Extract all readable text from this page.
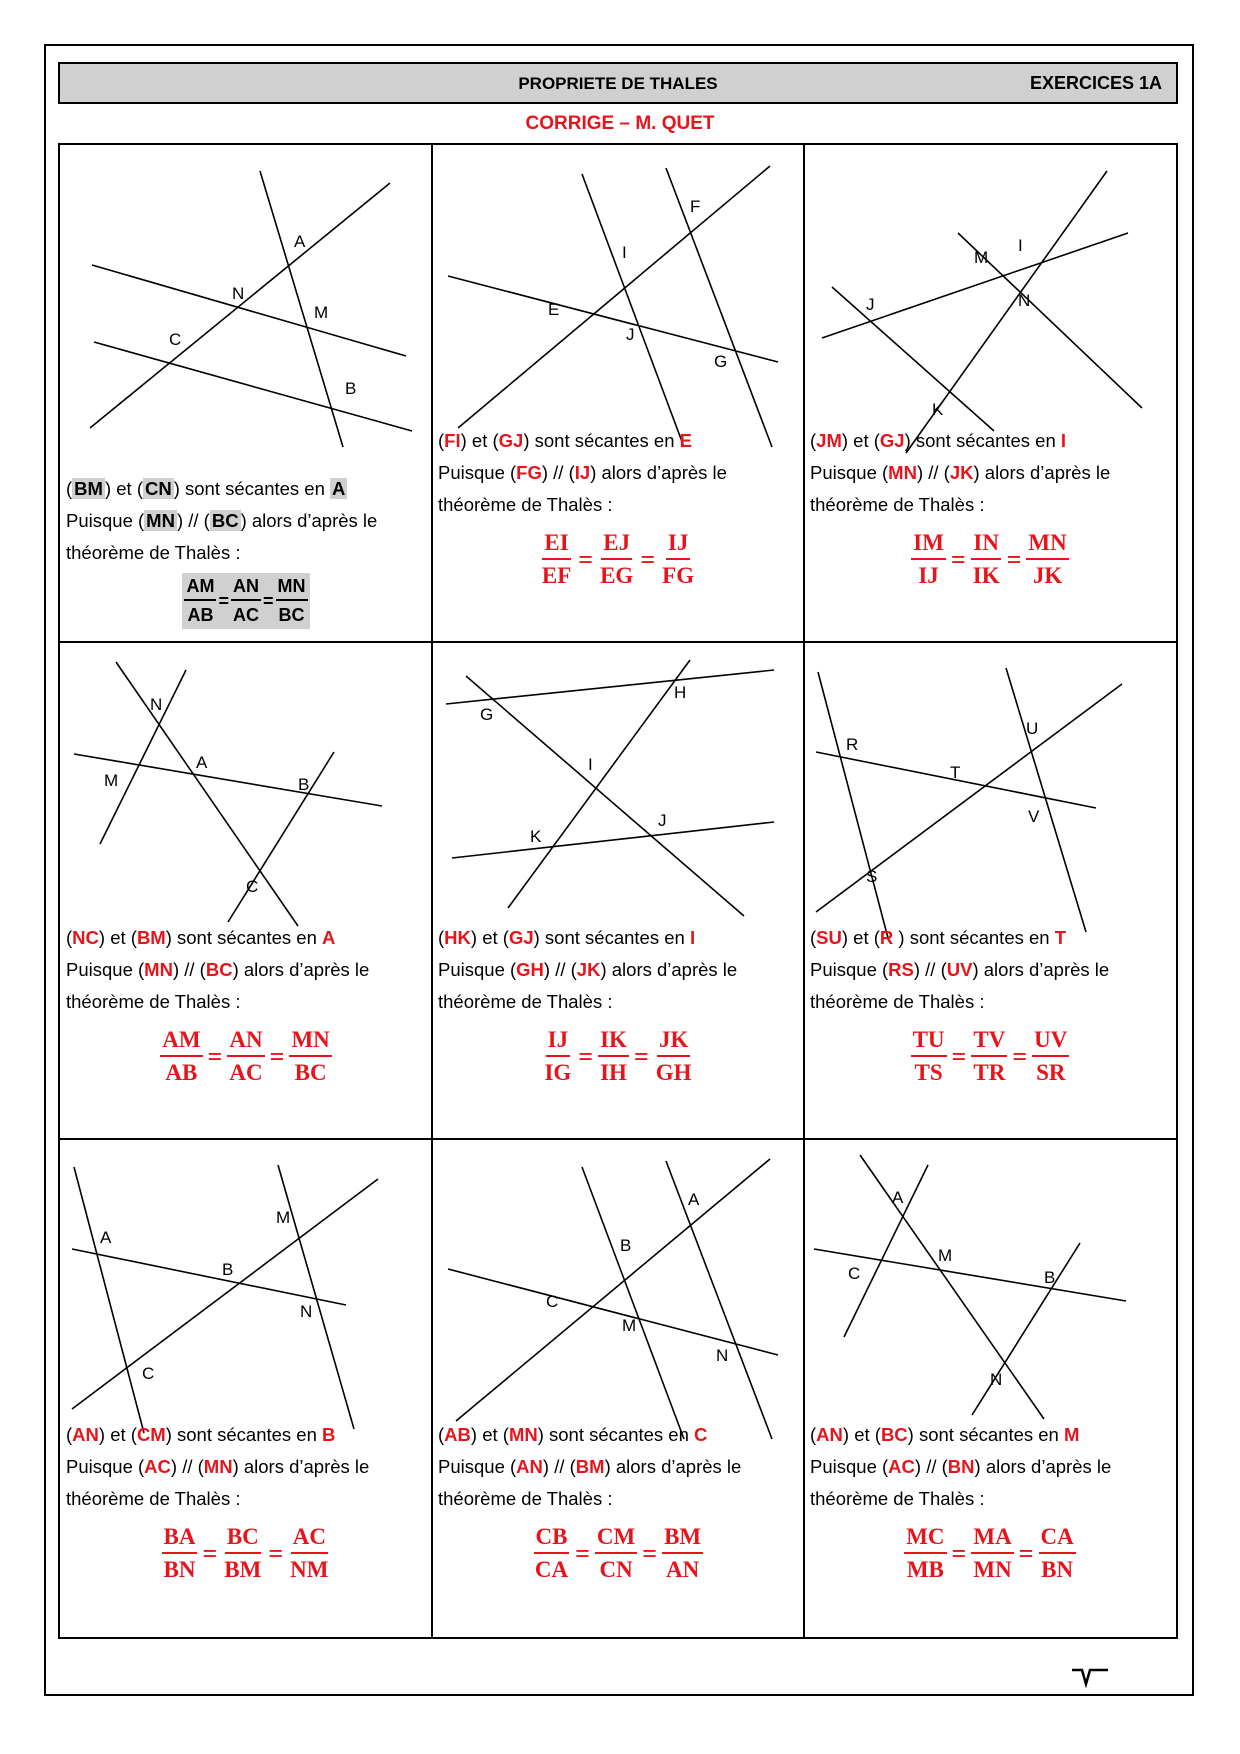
PROPRIETE DE THALES	EXERCICES 1A
CORRIGE – M. QUET
A
N
M
C
B
( BM ) et ( CN ) sont sécantes en A
Puisque ( MN ) // ( BC ) alors d’après le
théorème de Thalès :
$\frac{AM}{AB} = \frac{AN}{AC} = \frac{MN}{BC}$
F
I
E
J
G
(FI) et (GJ) sont sécantes en E
Puisque (FG) // (IJ) alors d’après le
théorème de Thalès :
$\frac{EI}{EF} = \frac{EJ}{EG} = \frac{IJ}{FG}$
I
M
J	N
K
(JM) et (GJ) sont sécantes en I
Puisque (MN) // (JK) alors d’après le
théorème de Thalès :
$\frac{IM}{IJ} = \frac{IN}{IK} = \frac{MN}{JK}$
N
A
M	B
C
(NC) et (BM) sont sécantes en A
Puisque (MN) // (BC) alors d’après le
théorème de Thalès :
$\frac{AM}{AB} = \frac{AN}{AC} = \frac{MN}{BC}$
H
G
I
J
K
(HK) et (GJ) sont sécantes en I
Puisque (GH) // (JK) alors d’après le
théorème de Thalès :
$\frac{IJ}{IG} = \frac{IK}{IH} = \frac{JK}{GH}$
U
R
T
V
S
(SU) et (R ) sont sécantes en T
Puisque (RS) // (UV) alors d’après le
théorème de Thalès :
$\frac{TU}{TS} = \frac{TV}{TR} = \frac{UV}{SR}$
M
A
B
N
C
(AN) et (CM) sont sécantes en B
Puisque (AC) // (MN) alors d’après le
théorème de Thalès :
$\frac{BA}{BN} = \frac{BC}{BM} = \frac{AC}{NM}$
A
B
C
M
N
(AB) et (MN) sont sécantes en C
Puisque (AN) // (BM) alors d’après le
théorème de Thalès :
$\frac{CB}{CA} = \frac{CM}{CN} = \frac{BM}{AN}$
A
M
C	B
N
(AN) et (BC) sont sécantes en M
Puisque (AC) // (BN) alors d’après le
théorème de Thalès :
$\frac{MC}{MB} = \frac{MA}{MN} = \frac{CA}{BN}$
